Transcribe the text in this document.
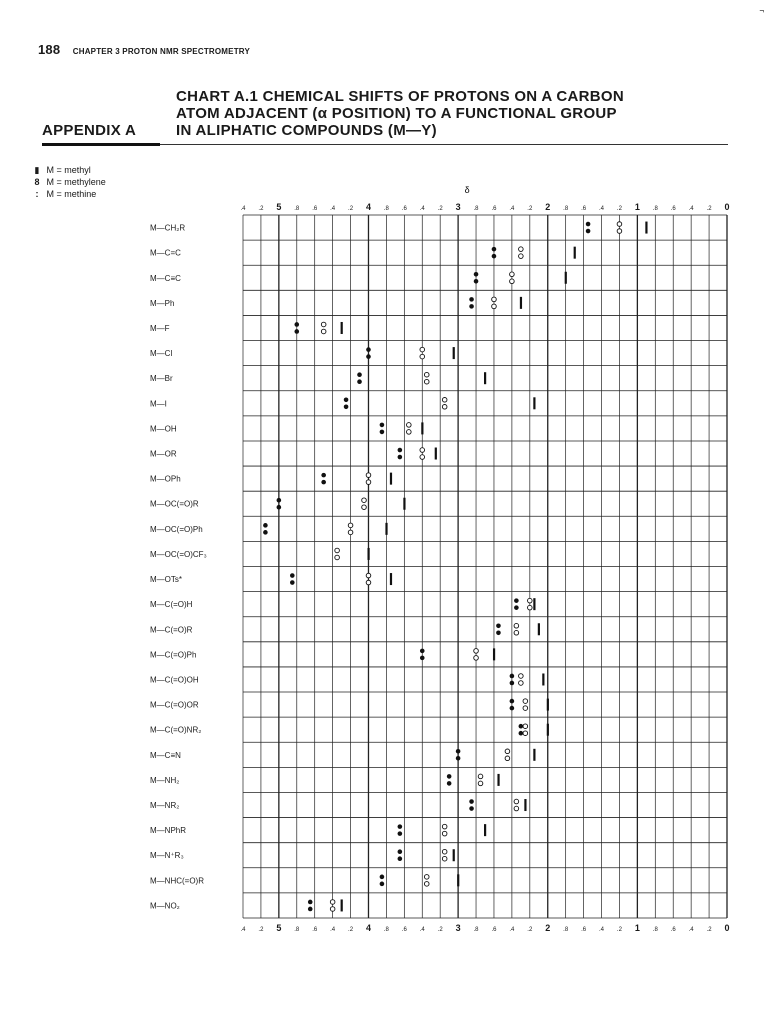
188 CHAPTER 3 PROTON NMR SPECTROMETRY
¬
CHART A.1 CHEMICAL SHIFTS OF PROTONS ON A CARBON
ATOM ADJACENT (α POSITION) TO A FUNCTIONAL GROUP
IN ALIPHATIC COMPOUNDS (M—Y)
APPENDIX A
▮ M = methyl
8 M = methylene
: M = methine	δ
.4 .2 5 .8 .6 .4 .2 4 .8 .6 .4 .2 3 .8 .6 .4 .2 2 .8 .6 .4 .2 1 .8 .6 .4 .2 0
.4 .2 5 .8 .6 .4 .2 4 .8 .6 .4 .2 3 .8 .6 .4 .2 2 .8 .6 .4 .2 1 .8 .6 .4 .2 0
M—CH₂R
M—C=C
M—C≡C
M—Ph
M—F
M—Cl
M—Br
M—I
M—OH
M—OR
M—OPh
M—OC(=O)R
M—OC(=O)Ph
M—OC(=O)CF₃
M—OTs*
M—C(=O)H
M—C(=O)R
M—C(=O)Ph
M—C(=O)OH
M—C(=O)OR
M—C(=O)NR₂
M—C≡N
M—NH₂
M—NR₂
M—NPhR
M—N⁺R₃
M—NHC(=O)R
M—NO₂
